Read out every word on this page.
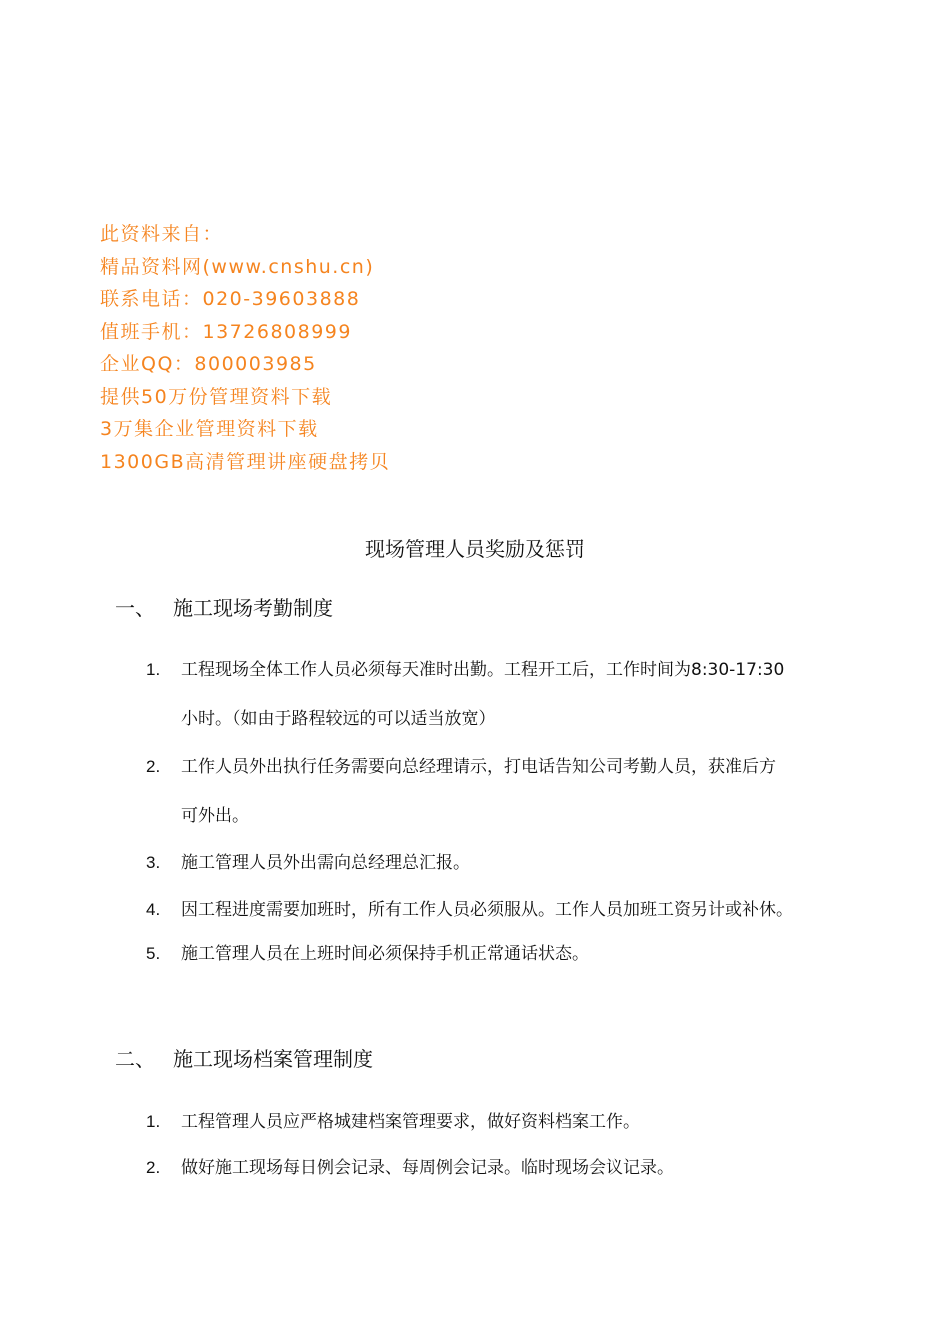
此资料来自：
精品资料网(www.cnshu.cn)
联系电话：020-39603888
值班手机：13726808999
企业QQ：800003985
提供50万份管理资料下载
3万集企业管理资料下载
1300GB高清管理讲座硬盘拷贝
现场管理人员奖励及惩罚
一、 施工现场考勤制度
1. 工程现场全体工作人员必须每天准时出勤。工程开工后，工作时间为8:30-17:30
小时。（如由于路程较远的可以适当放宽）
2. 工作人员外出执行任务需要向总经理请示，打电话告知公司考勤人员，获准后方
可外出。
3. 施工管理人员外出需向总经理总汇报。
4. 因工程进度需要加班时，所有工作人员必须服从。工作人员加班工资另计或补休。
5. 施工管理人员在上班时间必须保持手机正常通话状态。
二、 施工现场档案管理制度
1. 工程管理人员应严格城建档案管理要求，做好资料档案工作。
2. 做好施工现场每日例会记录、每周例会记录。临时现场会议记录。
